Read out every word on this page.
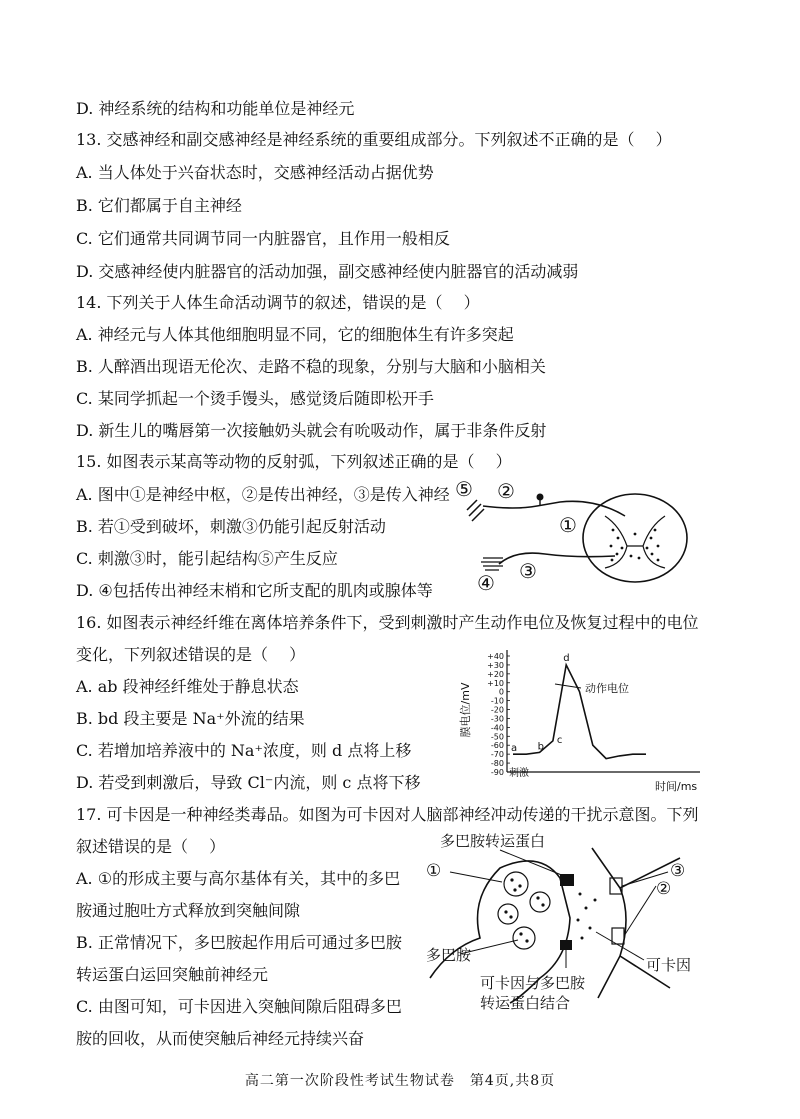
D. 神经系统的结构和功能单位是神经元
13. 交感神经和副交感神经是神经系统的重要组成部分。下列叙述不正确的是（　 ）
A. 当人体处于兴奋状态时，交感神经活动占据优势
B. 它们都属于自主神经
C. 它们通常共同调节同一内脏器官，且作用一般相反
D. 交感神经使内脏器官的活动加强，副交感神经使内脏器官的活动减弱
14. 下列关于人体生命活动调节的叙述，错误的是（　 ）
A. 神经元与人体其他细胞明显不同，它的细胞体生有许多突起
B. 人醉酒出现语无伦次、走路不稳的现象，分别与大脑和小脑相关
C. 某同学抓起一个烫手馒头，感觉烫后随即松开手
D. 新生儿的嘴唇第一次接触奶头就会有吮吸动作，属于非条件反射
15. 如图表示某高等动物的反射弧，下列叙述正确的是（　 ）
A. 图中①是神经中枢，②是传出神经，③是传入神经
B. 若①受到破坏，刺激③仍能引起反射活动
C. 刺激③时，能引起结构⑤产生反应
D. ④包括传出神经末梢和它所支配的肌肉或腺体等
⑤ ②
①
③
④
16. 如图表示神经纤维在离体培养条件下，受到刺激时产生动作电位及恢复过程中的电位
变化，下列叙述错误的是（　 ）
A. ab 段神经纤维处于静息状态
B. bd 段主要是 Na⁺外流的结果
C. 若增加培养液中的 Na⁺浓度，则 d 点将上移
D. 若受到刺激后，导致 Cl⁻内流，则 c 点将下移
膜电位/mV
+40
+30
+20
+10
0
-10
-20
-30
-40
-50
-60
-70
-80
-90
动作电位
时间/ms
刺激
a b
c
d
17. 可卡因是一种神经类毒品。如图为可卡因对人脑部神经冲动传递的干扰示意图。下列
叙述错误的是（　 ）
A. ①的形成主要与高尔基体有关，其中的多巴
胺通过胞吐方式释放到突触间隙
B. 正常情况下，多巴胺起作用后可通过多巴胺
转运蛋白运回突触前神经元
C. 由图可知，可卡因进入突触间隙后阻碍多巴
胺的回收，从而使突触后神经元持续兴奋
多巴胺转运蛋白
①	③
②
多巴胺
可卡因
可卡因与多巴胺
转运蛋白结合
高二第一次阶段性考试生物试卷　第4页,共8页
